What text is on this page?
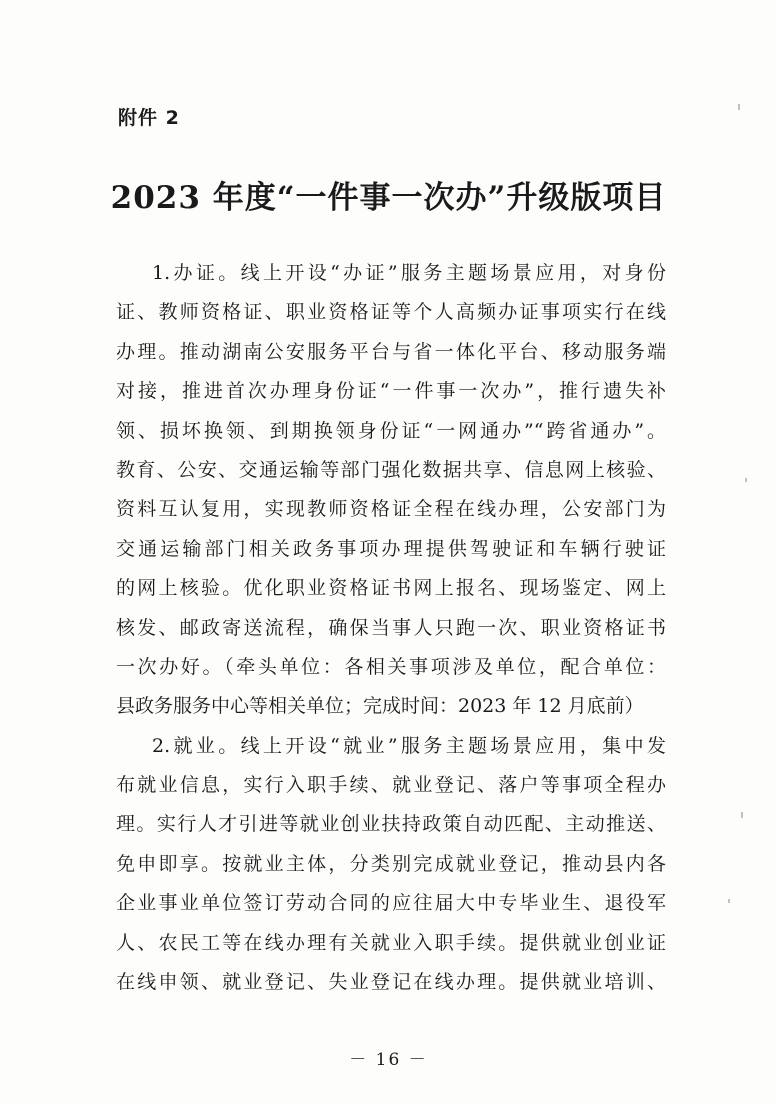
附件 2
2023 年度“一件事一次办”升级版项目
1.办证。线上开设“办证”服务主题场景应用，对身份
证、教师资格证、职业资格证等个人高频办证事项实行在线
办理。推动湖南公安服务平台与省一体化平台、移动服务端
对接，推进首次办理身份证“一件事一次办”，推行遗失补
领、损坏换领、到期换领身份证“一网通办”“跨省通办”。
教育、公安、交通运输等部门强化数据共享、信息网上核验、
资料互认复用，实现教师资格证全程在线办理，公安部门为
交通运输部门相关政务事项办理提供驾驶证和车辆行驶证
的网上核验。优化职业资格证书网上报名、现场鉴定、网上
核发、邮政寄送流程，确保当事人只跑一次、职业资格证书
一次办好。（牵头单位：各相关事项涉及单位，配合单位：
县政务服务中心等相关单位；完成时间：2023 年 12 月底前）
2.就业。线上开设“就业”服务主题场景应用，集中发
布就业信息，实行入职手续、就业登记、落户等事项全程办
理。实行人才引进等就业创业扶持政策自动匹配、主动推送、
免申即享。按就业主体，分类别完成就业登记，推动县内各
企业事业单位签订劳动合同的应往届大中专毕业生、退役军
人、农民工等在线办理有关就业入职手续。提供就业创业证
在线申领、就业登记、失业登记在线办理。提供就业培训、
－ 16 －
